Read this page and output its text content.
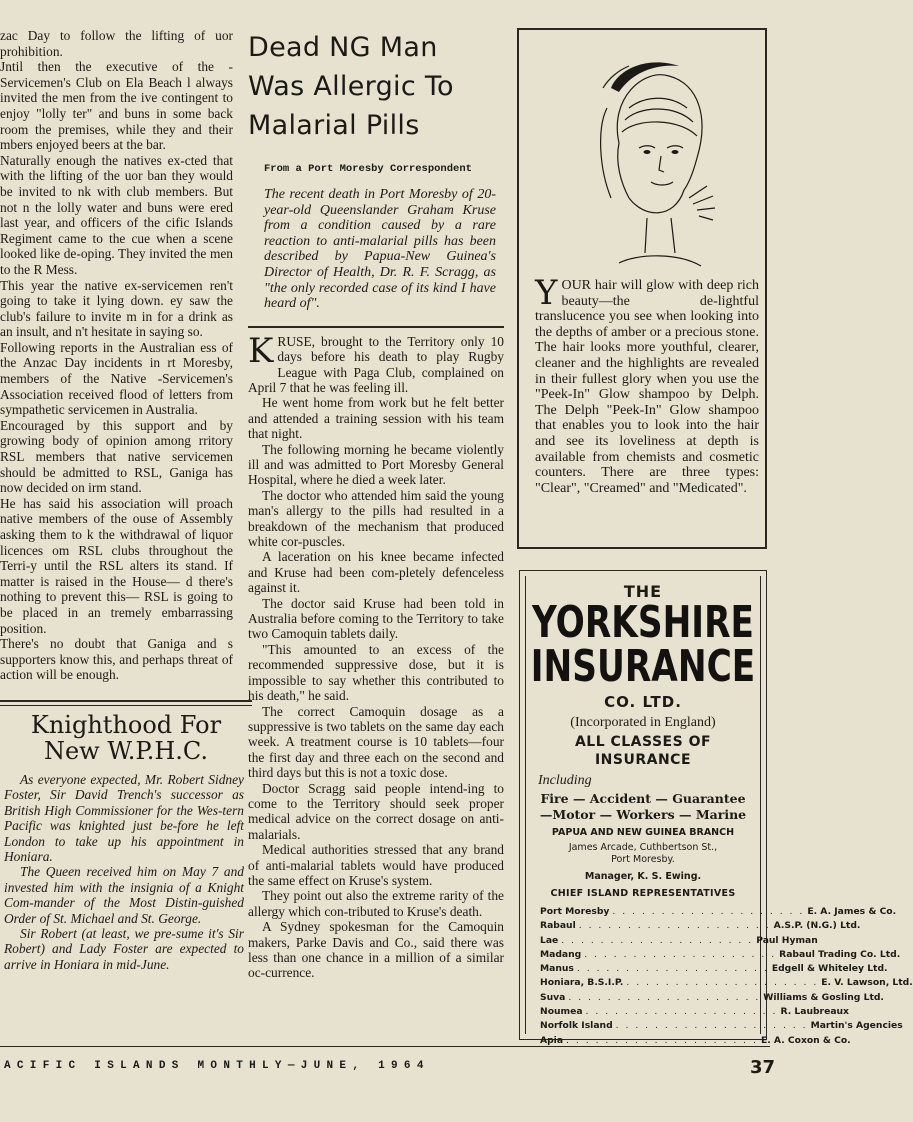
zac Day to follow the lifting of uor prohibition.

Jntil then the executive of the -Servicemen's Club on Ela Beach l always invited the men from the ive contingent to enjoy "lolly ter" and buns in some back room the premises, while they and their mbers enjoyed beers at the bar.

Naturally enough the natives ex-cted that with the lifting of the uor ban they would be invited to nk with club members. But not n the lolly water and buns were ered last year, and officers of the cific Islands Regiment came to the cue when a scene looked like de-oping. They invited the men to the R Mess.

This year the native ex-servicemen ren't going to take it lying down. ey saw the club's failure to invite m in for a drink as an insult, and n't hesitate in saying so.

Following reports in the Australian ess of the Anzac Day incidents in rt Moresby, members of the Native -Servicemen's Association received flood of letters from sympathetic servicemen in Australia.

Encouraged by this support and by growing body of opinion among rritory RSL members that native servicemen should be admitted to RSL, Ganiga has now decided on irm stand.

He has said his association will proach native members of the ouse of Assembly asking them to k the withdrawal of liquor licences om RSL clubs throughout the Terri-y until the RSL alters its stand. If matter is raised in the House— d there's nothing to prevent this— RSL is going to be placed in an tremely embarrassing position.

There's no doubt that Ganiga and s supporters know this, and perhaps threat of action will be enough.

Knighthood For
New W.P.H.C.

As everyone expected, Mr. Robert Sidney Foster, Sir David Trench's successor as British High Commissioner for the Wes-tern Pacific was knighted just be-fore he left London to take up his appointment in Honiara.

The Queen received him on May 7 and invested him with the insignia of a Knight Com-mander of the Most Distin-guished Order of St. Michael and St. George.

Sir Robert (at least, we pre-sume it's Sir Robert) and Lady Foster are expected to arrive in Honiara in mid-June.

Dead NG Man
Was Allergic To
Malarial Pills
From a Port Moresby Correspondent
The recent death in Port Moresby of 20-year-old Queenslander Graham Kruse from a condition caused by a rare reaction to anti-malarial pills has been described by Papua-New Guinea's Director of Health, Dr. R. F. Scragg, as "the only recorded case of its kind I have heard of".

KRUSE, brought to the Territory only 10 days before his death to play Rugby League with Paga Club, complained on April 7 that he was feeling ill.

He went home from work but he felt better and attended a training session with his team that night.

The following morning he became violently ill and was admitted to Port Moresby General Hospital, where he died a week later.

The doctor who attended him said the young man's allergy to the pills had resulted in a breakdown of the mechanism that produced white cor-puscles.

A laceration on his knee became infected and Kruse had been com-pletely defenceless against it.

The doctor said Kruse had been told in Australia before coming to the Territory to take two Camoquin tablets daily.

"This amounted to an excess of the recommended suppressive dose, but it is impossible to say whether this contributed to his death," he said.

The correct Camoquin dosage as a suppressive is two tablets on the same day each week. A treatment course is 10 tablets—four the first day and three each on the second and third days but this is not a toxic dose.

Doctor Scragg said people intend-ing to come to the Territory should seek proper medical advice on the correct dosage on anti-malarials.

Medical authorities stressed that any brand of anti-malarial tablets would have produced the same effect on Kruse's system.

They point out also the extreme rarity of the allergy which con-tributed to Kruse's death.

A Sydney spokesman for the Camoquin makers, Parke Davis and Co., said there was less than one chance in a million of a similar oc-currence.

YOUR hair will glow with deep rich beauty—the de-lightful translucence you see when looking into the depths of amber or a precious stone. The hair looks more youthful, clearer, cleaner and the highlights are revealed in their fullest glory when you use the "Peek-In" Glow shampoo by Delph. The Delph "Peek-In" Glow shampoo that enables you to look into the hair and see its loveliness at depth is available from chemists and cosmetic counters. There are three types: "Clear", "Creamed" and "Medicated".
THE
YORKSHIRE
INSURANCE
CO. LTD.
(Incorporated in England)
ALL CLASSES OF
INSURANCE
Including
Fire — Accident — Guarantee
—Motor — Workers — Marine
PAPUA AND NEW GUINEA BRANCH
James Arcade, Cuthbertson St.,
Port Moresby.
Manager, K. S. Ewing.
CHIEF ISLAND REPRESENTATIVES
Port Moresby . . . . . . . . . . . . . . . . . . . . E. A. James & Co.
Rabaul . . . . . . . . . . . . . . . . . . . . A.S.P. (N.G.) Ltd.
Lae . . . . . . . . . . . . . . . . . . . . Paul Hyman
Madang . . . . . . . . . . . . . . . . . . . . Rabaul Trading Co. Ltd.
Manus . . . . . . . . . . . . . . . . . . . . Edgell & Whiteley Ltd.
Honiara, B.S.I.P. . . . . . . . . . . . . . . . . . . . . E. V. Lawson, Ltd.
Suva . . . . . . . . . . . . . . . . . . . . Williams & Gosling Ltd.
Noumea . . . . . . . . . . . . . . . . . . . . R. Laubreaux
Norfolk Island . . . . . . . . . . . . . . . . . . . . Martin's Agencies
Apia . . . . . . . . . . . . . . . . . . . . E. A. Coxon & Co.
ACIFIC ISLANDS MONTHLY—JUNE, 1964	37
